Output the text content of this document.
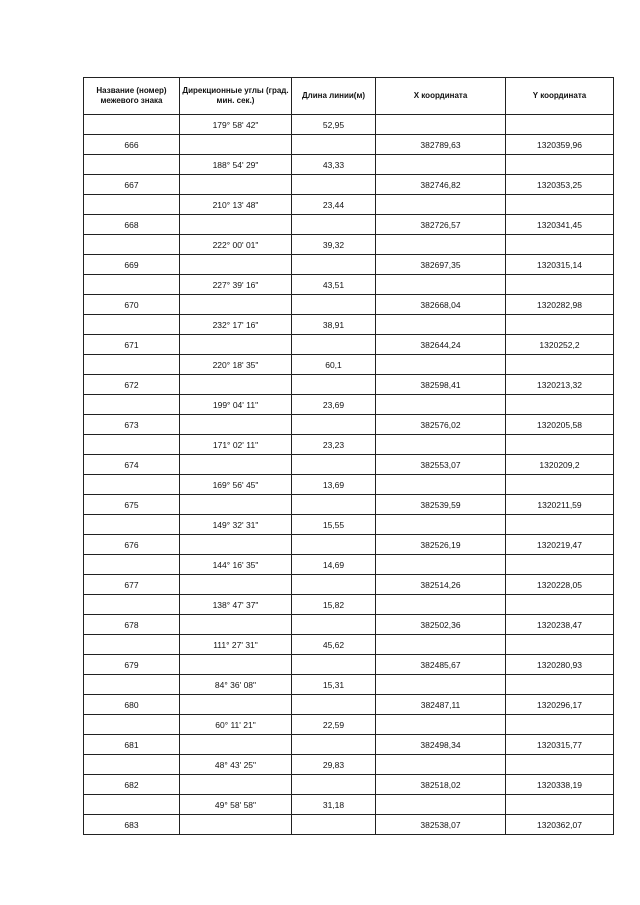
Название (номер) межевого знака	Дирекционные углы (град. мин. сек.)	Длина линии(м)	X координата	Y координата
	179° 58' 42"	52,95		
666			382789,63	1320359,96
	188° 54' 29"	43,33		
667			382746,82	1320353,25
	210° 13' 48"	23,44		
668			382726,57	1320341,45
	222° 00' 01"	39,32		
669			382697,35	1320315,14
	227° 39' 16"	43,51		
670			382668,04	1320282,98
	232° 17' 16"	38,91		
671			382644,24	1320252,2
	220° 18' 35"	60,1		
672			382598,41	1320213,32
	199° 04' 11"	23,69		
673			382576,02	1320205,58
	171° 02' 11"	23,23		
674			382553,07	1320209,2
	169° 56' 45"	13,69		
675			382539,59	1320211,59
	149° 32' 31"	15,55		
676			382526,19	1320219,47
	144° 16' 35"	14,69		
677			382514,26	1320228,05
	138° 47' 37"	15,82		
678			382502,36	1320238,47
	111° 27' 31"	45,62		
679			382485,67	1320280,93
	84° 36' 08"	15,31		
680			382487,11	1320296,17
	60° 11' 21"	22,59		
681			382498,34	1320315,77
	48° 43' 25"	29,83		
682			382518,02	1320338,19
	49° 58' 58"	31,18		
683			382538,07	1320362,07
